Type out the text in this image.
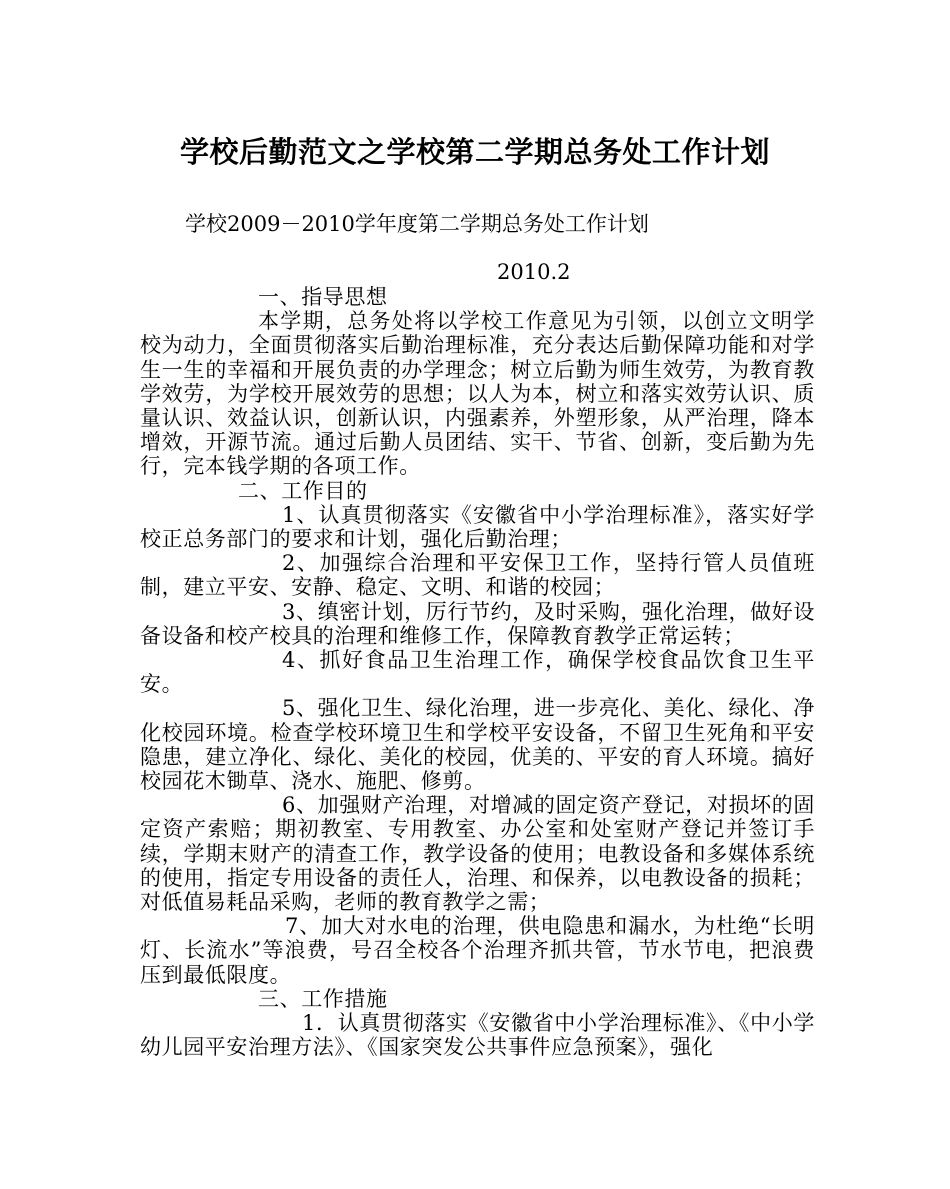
学校后勤范文之学校第二学期总务处工作计划
学校2009－2010学年度第二学期总务处工作计划
2010.2

一、指导思想

本学期，总务处将以学校工作意见为引领，以创立文明学校为动力，全面贯彻落实后勤治理标准，充分表达后勤保障功能和对学生一生的幸福和开展负责的办学理念；树立后勤为师生效劳，为教育教学效劳，为学校开展效劳的思想；以人为本，树立和落实效劳认识、质量认识、效益认识，创新认识，内强素养，外塑形象，从严治理，降本增效，开源节流。通过后勤人员团结、实干、节省、创新，变后勤为先行，完本钱学期的各项工作。

二、工作目的

1、认真贯彻落实《安徽省中小学治理标准》，落实好学校正总务部门的要求和计划，强化后勤治理；

2、加强综合治理和平安保卫工作，坚持行管人员值班制，建立平安、安静、稳定、文明、和谐的校园；

3、缜密计划，厉行节约，及时采购，强化治理，做好设备设备和校产校具的治理和维修工作，保障教育教学正常运转；

4、抓好食品卫生治理工作，确保学校食品饮食卫生平安。

5、强化卫生、绿化治理，进一步亮化、美化、绿化、净化校园环境。检查学校环境卫生和学校平安设备，不留卫生死角和平安隐患，建立净化、绿化、美化的校园，优美的、平安的育人环境。搞好校园花木锄草、浇水、施肥、修剪。

6、加强财产治理，对增减的固定资产登记，对损坏的固定资产索赔；期初教室、专用教室、办公室和处室财产登记并签订手续，学期末财产的清查工作，教学设备的使用；电教设备和多媒体系统的使用，指定专用设备的责任人，治理、和保养，以电教设备的损耗；对低值易耗品采购，老师的教育教学之需；

7、加大对水电的治理，供电隐患和漏水，为杜绝“长明灯、长流水”等浪费，号召全校各个治理齐抓共管，节水节电，把浪费压到最低限度。

三、工作措施

1．认真贯彻落实《安徽省中小学治理标准》、《中小学幼儿园平安治理方法》、《国家突发公共事件应急预案》，强化
